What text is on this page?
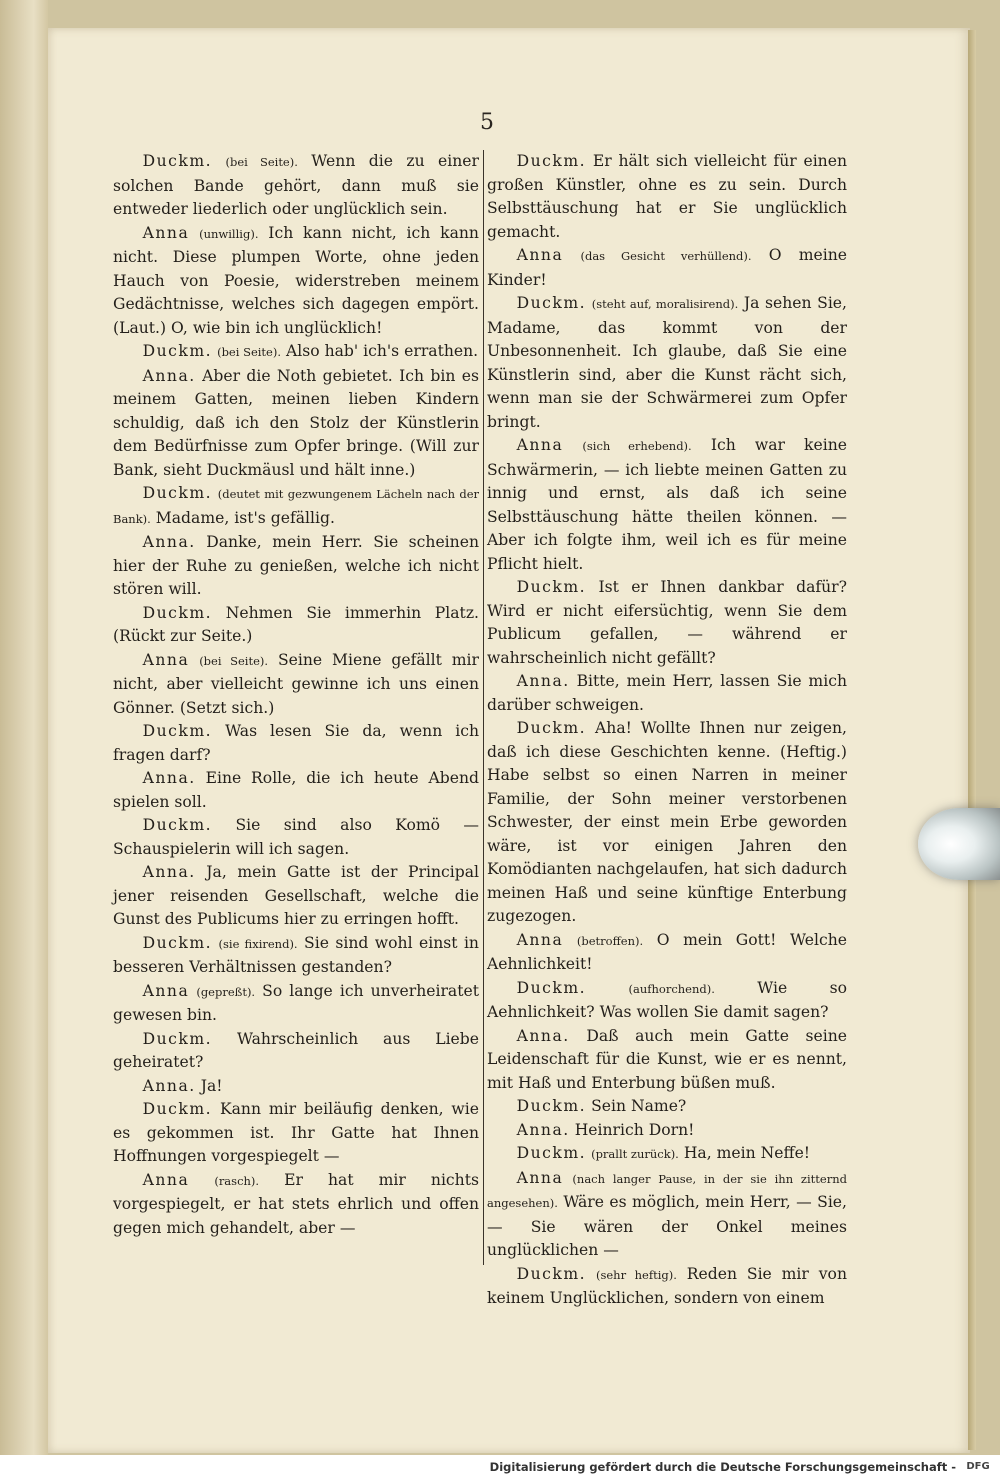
5

Duckm. (bei Seite). Wenn die zu einer solchen Bande gehört, dann muß sie entweder liederlich oder unglücklich sein.

Anna (unwillig). Ich kann nicht, ich kann nicht. Diese plumpen Worte, ohne jeden Hauch von Poesie, widerstreben meinem Gedächtnisse, welches sich dagegen empört. (Laut.) O, wie bin ich unglücklich!

Duckm. (bei Seite). Also hab' ich's errathen.

Anna. Aber die Noth gebietet. Ich bin es meinem Gatten, meinen lieben Kindern schuldig, daß ich den Stolz der Künstlerin dem Bedürfnisse zum Opfer bringe. (Will zur Bank, sieht Duckmäusl und hält inne.)

Duckm. (deutet mit gezwungenem Lächeln nach der Bank). Madame, ist's gefällig.

Anna. Danke, mein Herr. Sie scheinen hier der Ruhe zu genießen, welche ich nicht stören will.

Duckm. Nehmen Sie immerhin Platz. (Rückt zur Seite.)

Anna (bei Seite). Seine Miene gefällt mir nicht, aber vielleicht gewinne ich uns einen Gönner. (Setzt sich.)

Duckm. Was lesen Sie da, wenn ich fragen darf?

Anna. Eine Rolle, die ich heute Abend spielen soll.

Duckm. Sie sind also Komö — Schauspielerin will ich sagen.

Anna. Ja, mein Gatte ist der Principal jener reisenden Gesellschaft, welche die Gunst des Publicums hier zu erringen hofft.

Duckm. (sie fixirend). Sie sind wohl einst in besseren Verhältnissen gestanden?

Anna (gepreßt). So lange ich unverheiratet gewesen bin.

Duckm. Wahrscheinlich aus Liebe geheiratet?

Anna. Ja!

Duckm. Kann mir beiläufig denken, wie es gekommen ist. Ihr Gatte hat Ihnen Hoffnungen vorgespiegelt —

Anna (rasch). Er hat mir nichts vorgespiegelt, er hat stets ehrlich und offen gegen mich gehandelt, aber —

Duckm. Er hält sich vielleicht für einen großen Künstler, ohne es zu sein. Durch Selbsttäuschung hat er Sie unglücklich gemacht.

Anna (das Gesicht verhüllend). O meine Kinder!

Duckm. (steht auf, moralisirend). Ja sehen Sie, Madame, das kommt von der Unbesonnenheit. Ich glaube, daß Sie eine Künstlerin sind, aber die Kunst rächt sich, wenn man sie der Schwärmerei zum Opfer bringt.

Anna (sich erhebend). Ich war keine Schwärmerin, — ich liebte meinen Gatten zu innig und ernst, als daß ich seine Selbsttäuschung hätte theilen können. — Aber ich folgte ihm, weil ich es für meine Pflicht hielt.

Duckm. Ist er Ihnen dankbar dafür? Wird er nicht eifersüchtig, wenn Sie dem Publicum gefallen, — während er wahrscheinlich nicht gefällt?

Anna. Bitte, mein Herr, lassen Sie mich darüber schweigen.

Duckm. Aha! Wollte Ihnen nur zeigen, daß ich diese Geschichten kenne. (Heftig.) Habe selbst so einen Narren in meiner Familie, der Sohn meiner verstorbenen Schwester, der einst mein Erbe geworden wäre, ist vor einigen Jahren den Komödianten nachgelaufen, hat sich dadurch meinen Haß und seine künftige Enterbung zugezogen.

Anna (betroffen). O mein Gott! Welche Aehnlichkeit!

Duckm.	(aufhorchend).	Wie so Aehnlichkeit? Was wollen Sie damit sagen?

Anna. Daß auch mein Gatte seine Leidenschaft für die Kunst, wie er es nennt, mit Haß und Enterbung büßen muß.

Duckm. Sein Name?

Anna. Heinrich Dorn!

Duckm. (prallt zurück). Ha, mein Neffe!

Anna (nach langer Pause, in der sie ihn zitternd angesehen). Wäre es möglich, mein Herr, — Sie, — Sie wären der Onkel meines unglücklichen —

Duckm. (sehr heftig). Reden Sie mir von keinem Unglücklichen, sondern von einem

Digitalisierung gefördert durch die Deutsche Forschungsgemeinschaft -	DFG
